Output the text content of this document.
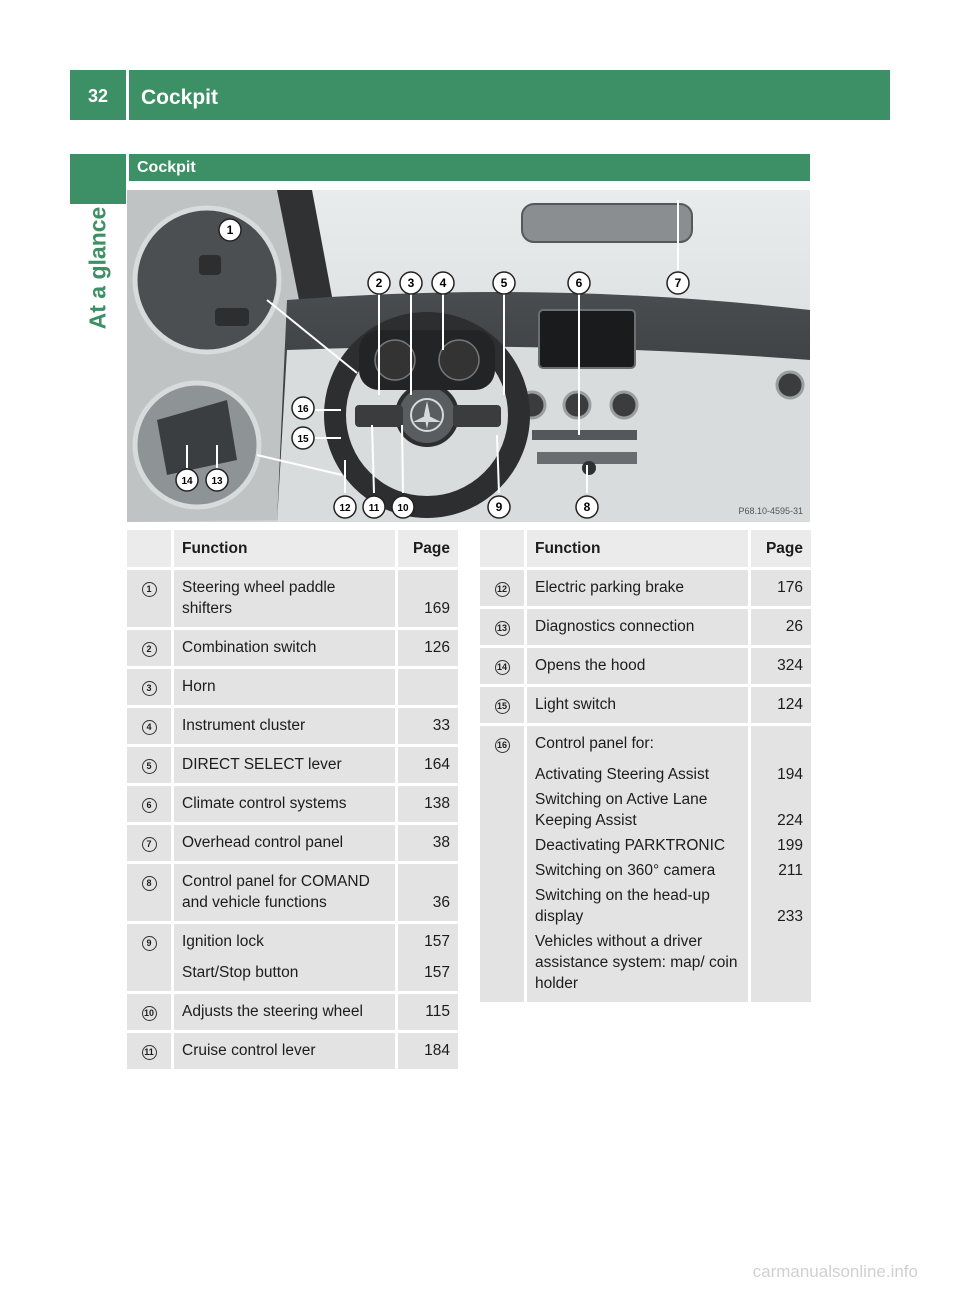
32	Cockpit
At a glance
Cockpit
1
2 3 4	5	6	7
8
9
10
11
12
13
14
15
16
P68.10-4595-31
	Function	Page
1	Steering wheel paddle shifters	169
2	Combination switch	126
3	Horn	
4	Instrument cluster	33
5	DIRECT SELECT lever	164
6	Climate control systems	138
7	Overhead control panel	38
8	Control panel for COMAND and vehicle functions	36
9	Ignition lock	157
	Start/Stop button	157
10	Adjusts the steering wheel	115
11	Cruise control lever	184
	Function	Page
12	Electric parking brake	176
13	Diagnostics connection	26
14	Opens the hood	324
15	Light switch	124
16	Control panel for:	
	Activating Steering Assist	194
	Switching on Active Lane Keeping Assist	224
	Deactivating PARKTRONIC	199
	Switching on 360° camera	211
	Switching on the head-up display	233
	Vehicles without a driver assistance system: map/ coin holder	
carmanualsonline.info
